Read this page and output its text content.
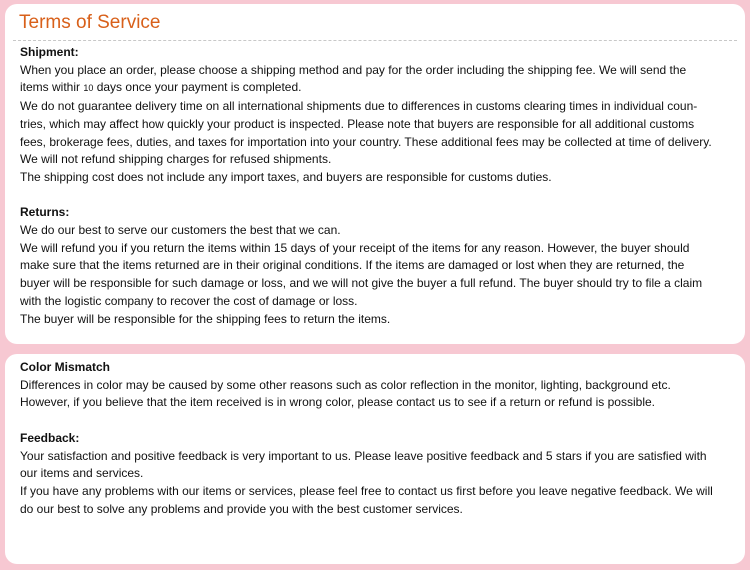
Terms of Service
Shipment:
When you place an order, please choose a shipping method and pay for the order including the shipping fee. We will send the
items withir 10 days once your payment is completed.
We do not guarantee delivery time on all international shipments due to differences in customs clearing times in individual coun-
tries, which may affect how quickly your product is inspected. Please note that buyers are responsible for all additional customs
fees, brokerage fees, duties, and taxes for importation into your country. These additional fees may be collected at time of delivery.
We will not refund shipping charges for refused shipments.
The shipping cost does not include any import taxes, and buyers are responsible for customs duties.
Returns:
We do our best to serve our customers the best that we can.
We will refund you if you return the items within 15 days of your receipt of the items for any reason. However, the buyer should
make sure that the items returned are in their original conditions. If the items are damaged or lost when they are returned, the
buyer will be responsible for such damage or loss, and we will not give the buyer a full refund. The buyer should try to file a claim
with the logistic company to recover the cost of damage or loss.
The buyer will be responsible for the shipping fees to return the items.
Color Mismatch
Differences in color may be caused by some other reasons such as color reflection in the monitor, lighting, background etc.
However, if you believe that the item received is in wrong color, please contact us to see if a return or refund is possible.
Feedback:
Your satisfaction and positive feedback is very important to us. Please leave positive feedback and 5 stars if you are satisfied with
our items and services.
If you have any problems with our items or services, please feel free to contact us first before you leave negative feedback. We will
do our best to solve any problems and provide you with the best customer services.
